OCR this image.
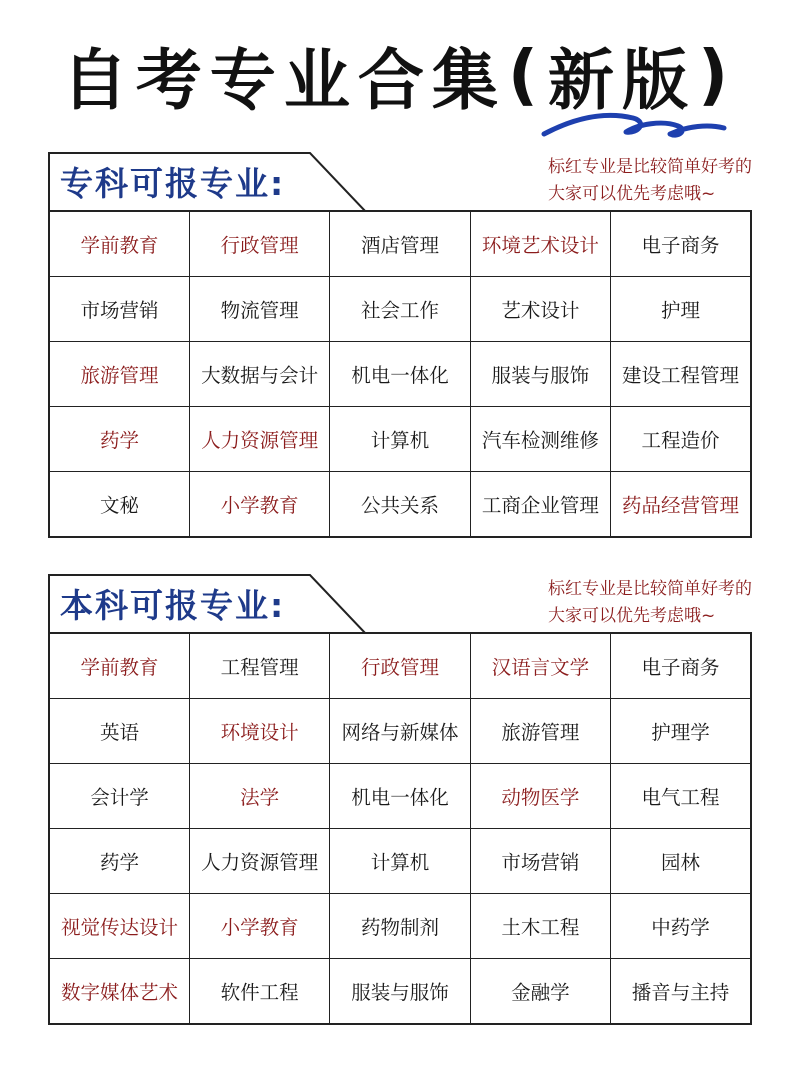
自考专业合集 ( 新版 )
专科可报专业:	标红专业是比较简单好考的
大家可以优先考虑哦~
学前教育	行政管理	酒店管理	环境艺术设计	电子商务
市场营销	物流管理	社会工作	艺术设计	护理
旅游管理	大数据与会计	机电一体化	服装与服饰	建设工程管理
药学	人力资源管理	计算机	汽车检测维修	工程造价
文秘	小学教育	公共关系	工商企业管理	药品经营管理
本科可报专业:	标红专业是比较简单好考的
大家可以优先考虑哦~
学前教育	工程管理	行政管理	汉语言文学	电子商务
英语	环境设计	网络与新媒体	旅游管理	护理学
会计学	法学	机电一体化	动物医学	电气工程
药学	人力资源管理	计算机	市场营销	园林
视觉传达设计	小学教育	药物制剂	土木工程	中药学
数字媒体艺术	软件工程	服装与服饰	金融学	播音与主持
